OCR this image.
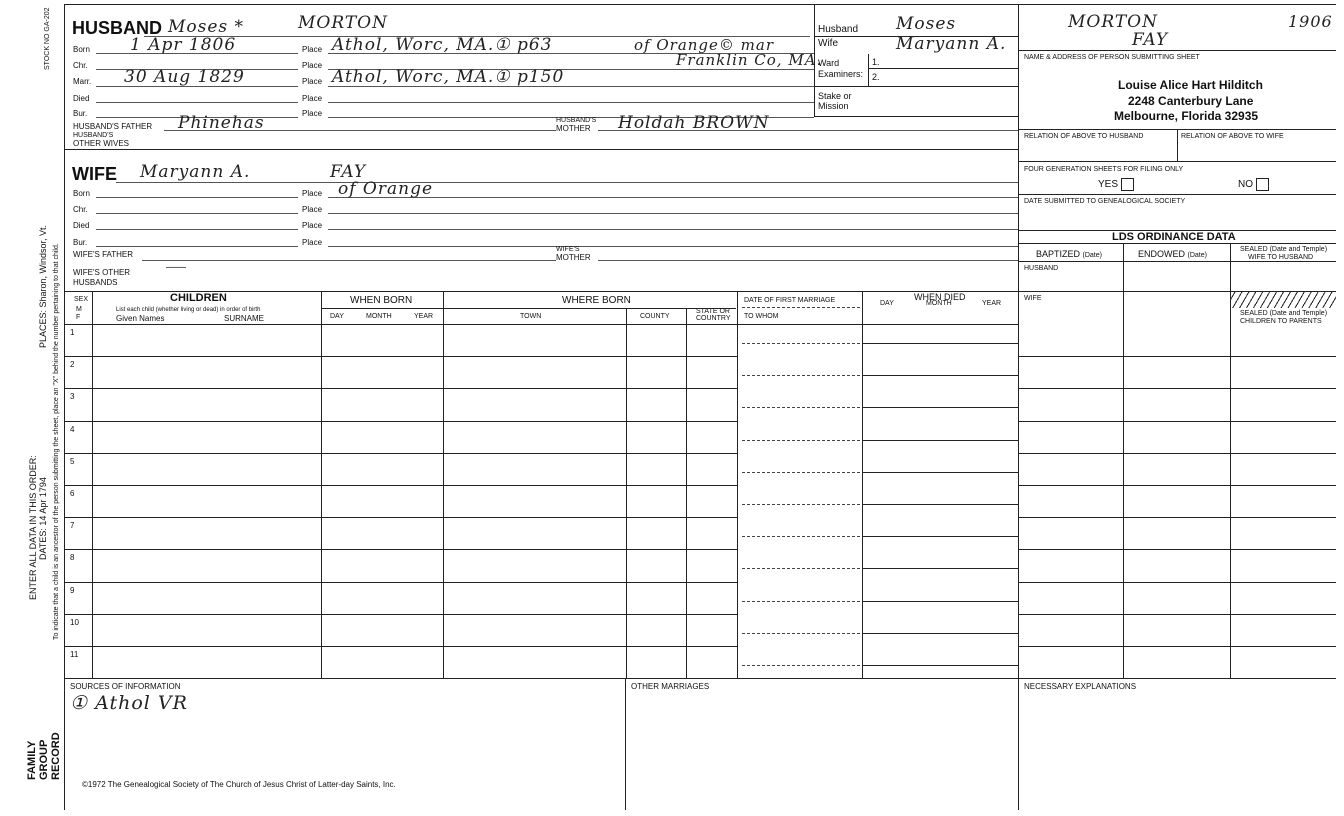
STOCK NO GA-202
PLACES: Sharon, Windsor, Vt. To indicate that a child is an ancestor of the person submitting the sheet, place an "X" behind the number pertaining to that child.
ENTER ALL DATA IN THIS ORDER: DATES: 14 Apr 1794
FAMILY GROUP RECORD
HUSBAND Moses *	MORTON
Born 1 Apr 1806	Place Athol, Worc, MA.① p63	of Orange© mar
Franklin Co, MA.
Chr.	Place
Marr. 30 Aug 1829	Place Athol, Worc, MA.① p150
Died	Place
Bur.	Place
HUSBAND'S FATHER Phinehas	HUSBAND'S
MOTHER Holdah BROWN
HUSBAND'S
OTHER WIVES
WIFE Maryann A.	FAY
Born	Place of Orange
Chr.	Place
Died	Place
Bur.	Place
WIFE'S FATHER
WIFE'S
MOTHER
WIFE'S OTHER
HUSBANDS
——
Husband Moses	MORTON	1906
Wife	Maryann A.	FAY
Ward
Examiners:
1.
2.
Stake or
Mission
NAME & ADDRESS OF PERSON SUBMITTING SHEET
Louise Alice Hart Hilditch
2248 Canterbury Lane
Melbourne, Florida 32935
RELATION OF ABOVE TO HUSBAND	RELATION OF ABOVE TO WIFE
FOUR GENERATION SHEETS FOR FILING ONLY
YES	NO
DATE SUBMITTED TO GENEALOGICAL SOCIETY
LDS ORDINANCE DATA
BAPTIZED (Date)	ENDOWED (Date)
SEALED (Date and Temple)
WIFE TO HUSBAND
HUSBAND
WIFE
SEALED (Date and Temple)
CHILDREN TO PARENTS
SEX
M
F
CHILDREN
List each child (whether living or dead) in order of birth
Given Names	SURNAME
WHEN BORN
DAY	MONTH	YEAR
WHERE BORN
TOWN	COUNTY
STATE OR
COUNTRY
DATE OF FIRST MARRIAGE
TO WHOM
WHEN DIED
DAY	MONTH	YEAR
1
2
3
4
5
6
7
8
9
10
11
SOURCES OF INFORMATION
① Athol VR
OTHER MARRIAGES	NECESSARY EXPLANATIONS
©1972 The Genealogical Society of The Church of Jesus Christ of Latter-day Saints, Inc.
